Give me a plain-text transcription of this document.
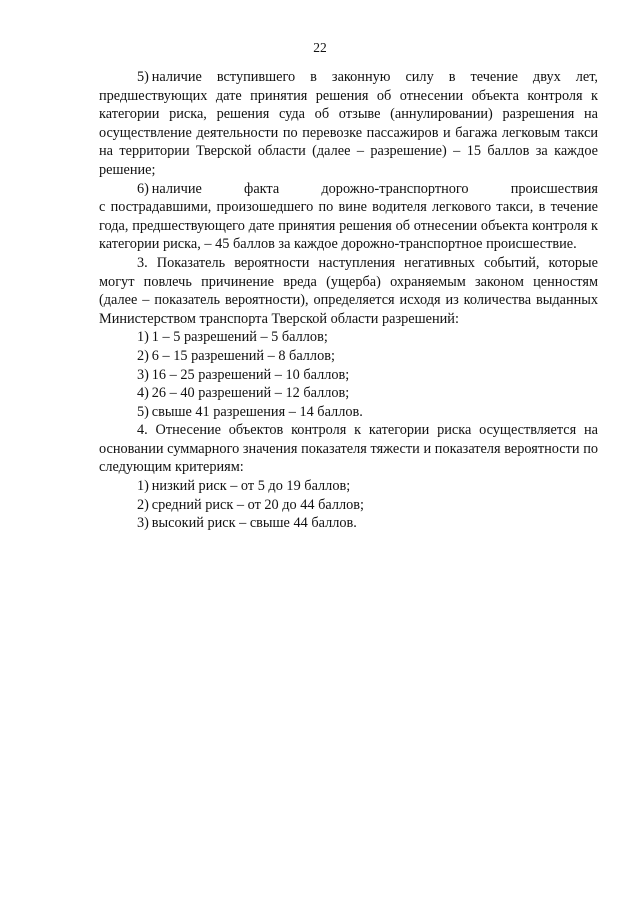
22

5) наличие вступившего в законную силу в течение двух лет, предшествующих дате принятия решения об отнесении объекта контроля к категории риска, решения суда об отзыве (аннулировании) разрешения на осуществление деятельности по перевозке пассажиров и багажа легковым такси на территории Тверской области (далее – разрешение) – 15 баллов за каждое решение;

6) наличие факта дорожно-транспортного происшествия

с пострадавшими, произошедшего по вине водителя легкового такси, в течение года, предшествующего дате принятия решения об отнесении объекта контроля к категории риска, – 45 баллов за каждое дорожно-транспортное происшествие.

3. Показатель вероятности наступления негативных событий, которые могут повлечь причинение вреда (ущерба) охраняемым законом ценностям (далее – показатель вероятности), определяется исходя из количества выданных Министерством транспорта Тверской области разрешений:

1) 1 – 5 разрешений – 5 баллов;

2) 6 – 15 разрешений – 8 баллов;

3) 16 – 25 разрешений – 10 баллов;

4) 26 – 40 разрешений – 12 баллов;

5) свыше 41 разрешения – 14 баллов.

4. Отнесение объектов контроля к категории риска осуществляется на основании суммарного значения показателя тяжести и показателя вероятности по следующим критериям:

1) низкий риск – от 5 до 19 баллов;

2) средний риск – от 20 до 44 баллов;

3) высокий риск – свыше 44 баллов.
